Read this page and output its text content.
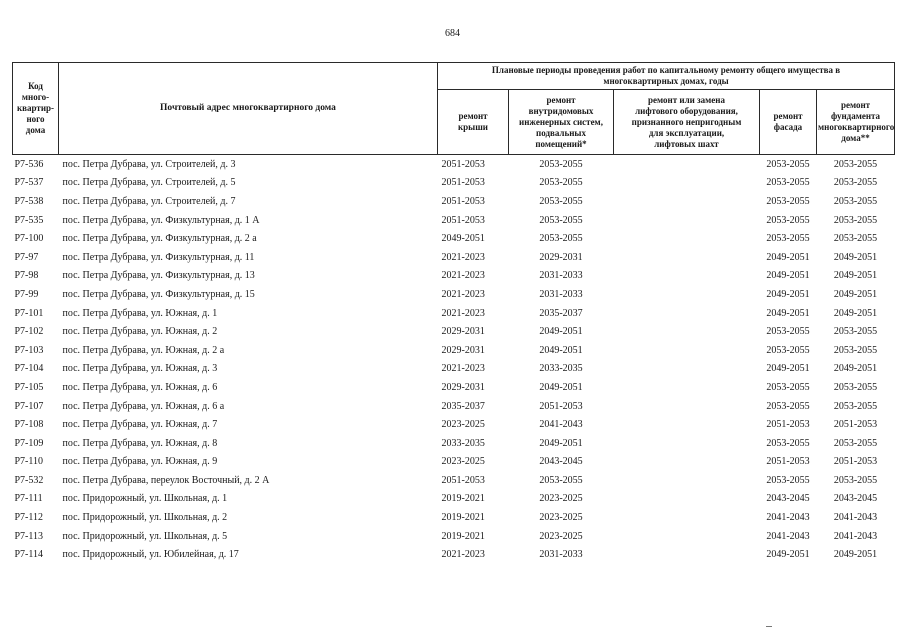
684
Код
много-
квартир-
ного
дома	Почтовый адрес многоквартирного дома	Плановые периоды проведения работ по капитальному ремонту общего имущества в
многоквартирных домах, годы				
		ремонт
крыши	ремонт
внутридомовых
инженерных систем,
подвальных
помещений*	ремонт или замена
лифтового оборудования,
признанного непригодным
для эксплуатации,
лифтовых шахт	ремонт
фасада	ремонт
фундамента
многоквартирного
дома**
Р7-536	пос. Петра Дубрава, ул. Строителей, д. 3	2051-2053	2053-2055		2053-2055	2053-2055
Р7-537	пос. Петра Дубрава, ул. Строителей, д. 5	2051-2053	2053-2055		2053-2055	2053-2055
Р7-538	пос. Петра Дубрава, ул. Строителей, д. 7	2051-2053	2053-2055		2053-2055	2053-2055
Р7-535	пос. Петра Дубрава, ул. Физкультурная, д. 1 А	2051-2053	2053-2055		2053-2055	2053-2055
Р7-100	пос. Петра Дубрава, ул. Физкультурная, д. 2 а	2049-2051	2053-2055		2053-2055	2053-2055
Р7-97	пос. Петра Дубрава, ул. Физкультурная, д. 11	2021-2023	2029-2031		2049-2051	2049-2051
Р7-98	пос. Петра Дубрава, ул. Физкультурная, д. 13	2021-2023	2031-2033		2049-2051	2049-2051
Р7-99	пос. Петра Дубрава, ул. Физкультурная, д. 15	2021-2023	2031-2033		2049-2051	2049-2051
Р7-101	пос. Петра Дубрава, ул. Южная, д. 1	2021-2023	2035-2037		2049-2051	2049-2051
Р7-102	пос. Петра Дубрава, ул. Южная, д. 2	2029-2031	2049-2051		2053-2055	2053-2055
Р7-103	пос. Петра Дубрава, ул. Южная, д. 2 а	2029-2031	2049-2051		2053-2055	2053-2055
Р7-104	пос. Петра Дубрава, ул. Южная, д. 3	2021-2023	2033-2035		2049-2051	2049-2051
Р7-105	пос. Петра Дубрава, ул. Южная, д. 6	2029-2031	2049-2051		2053-2055	2053-2055
Р7-107	пос. Петра Дубрава, ул. Южная, д. 6 а	2035-2037	2051-2053		2053-2055	2053-2055
Р7-108	пос. Петра Дубрава, ул. Южная, д. 7	2023-2025	2041-2043		2051-2053	2051-2053
Р7-109	пос. Петра Дубрава, ул. Южная, д. 8	2033-2035	2049-2051		2053-2055	2053-2055
Р7-110	пос. Петра Дубрава, ул. Южная, д. 9	2023-2025	2043-2045		2051-2053	2051-2053
Р7-532	пос. Петра Дубрава, переулок Восточный, д. 2 А	2051-2053	2053-2055		2053-2055	2053-2055
Р7-111	пос. Придорожный, ул. Школьная, д. 1	2019-2021	2023-2025		2043-2045	2043-2045
Р7-112	пос. Придорожный, ул. Школьная, д. 2	2019-2021	2023-2025		2041-2043	2041-2043
Р7-113	пос. Придорожный, ул. Школьная, д. 5	2019-2021	2023-2025		2041-2043	2041-2043
Р7-114	пос. Придорожный, ул. Юбилейная, д. 17	2021-2023	2031-2033		2049-2051	2049-2051
